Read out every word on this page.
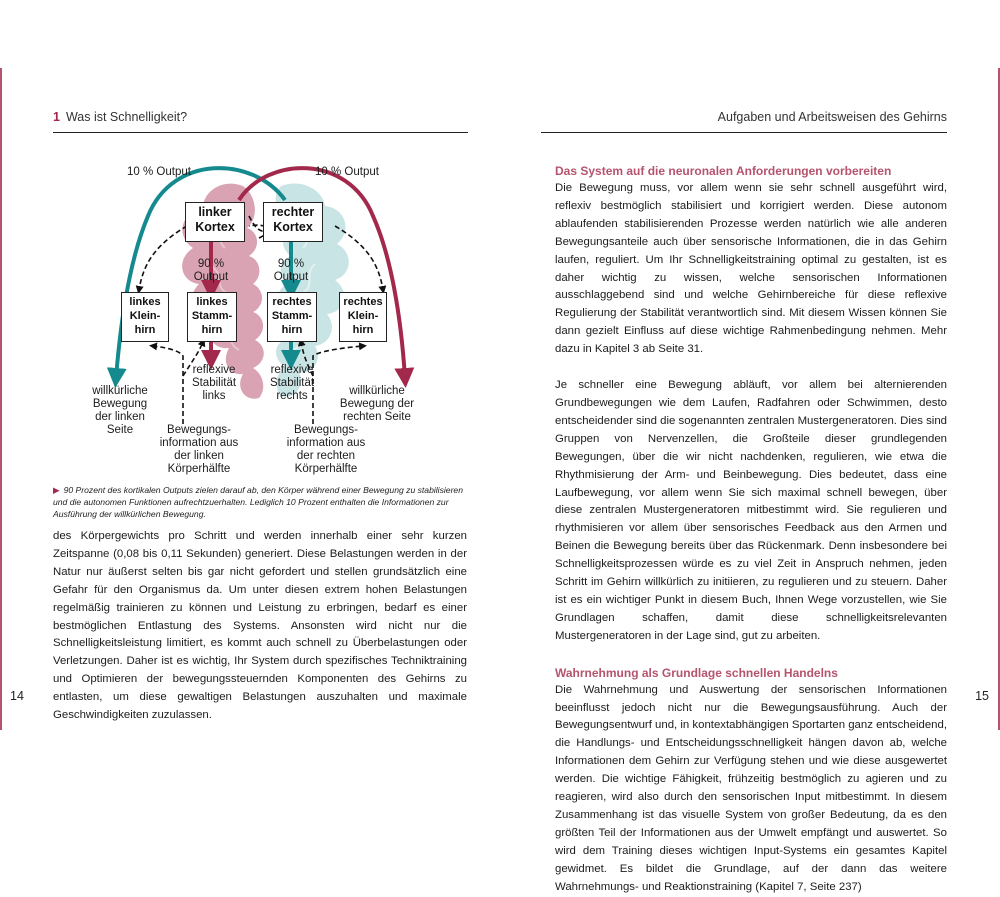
1 Was ist Schnelligkeit?
10 % Output	10 % Output
linker Kortex
rechter Kortex
90 % Output
90 % Output
linkes Klein-hirn
linkes Stamm-hirn
rechtes Stamm-hirn
rechtes Klein-hirn
reflexive Stabilität links
reflexive Stabilität rechts
willkürliche Bewegung der linken Seite
willkürliche Bewegung der rechten Seite
Bewegungs-information aus der linken Körperhälfte
Bewegungs-information aus der rechten Körperhälfte
▶ 90 Prozent des kortikalen Outputs zielen darauf ab, den Körper während einer Bewegung zu stabilisieren und die autonomen Funktionen aufrechtzuerhalten. Lediglich 10 Prozent enthalten die Informationen zur Ausführung der willkürlichen Bewegung.

des Körpergewichts pro Schritt und werden innerhalb einer sehr kurzen Zeitspanne (0,08 bis 0,11 Sekunden) generiert. Diese Belastungen werden in der Natur nur äußerst selten bis gar nicht gefordert und stellen grundsätzlich eine Gefahr für den Organismus da. Um unter diesen extrem hohen Belastungen regelmäßig trainieren zu können und Leistung zu erbringen, bedarf es einer bestmöglichen Entlastung des Systems. Ansonsten wird nicht nur die Schnelligkeitsleistung limitiert, es kommt auch schnell zu Überbelastungen oder Verletzungen. Daher ist es wichtig, Ihr System durch spezifisches Techniktraining und Optimieren der bewegungssteuernden Komponenten des Gehirns zu entlasten, um diese gewaltigen Belastungen auszuhalten und maximale Geschwindigkeiten zuzulassen.

14
Aufgaben und Arbeitsweisen des Gehirns

Das System auf die neuronalen Anforderungen vorbereiten

Die Bewegung muss, vor allem wenn sie sehr schnell ausgeführt wird, reflexiv bestmöglich stabilisiert und korrigiert werden. Diese autonom ablaufenden stabilisierenden Prozesse werden natürlich wie alle anderen Bewegungsanteile auch über sensorische Informationen, die in das Gehirn laufen, reguliert. Um Ihr Schnelligkeitstraining optimal zu gestalten, ist es daher wichtig zu wissen, welche sensorischen Informationen ausschlaggebend sind und welche Gehirnbereiche für diese reflexive Regulierung der Stabilität verantwortlich sind. Mit diesem Wissen können Sie dann gezielt Einfluss auf diese wichtige Rahmenbedingung nehmen. Mehr dazu in Kapitel 3 ab Seite 31.

Je schneller eine Bewegung abläuft, vor allem bei alternierenden Grundbewegungen wie dem Laufen, Radfahren oder Schwimmen, desto entscheidender sind die sogenannten zentralen Mustergeneratoren. Dies sind Gruppen von Nervenzellen, die Großteile dieser grundlegenden Bewegungen, über die wir nicht nachdenken, regulieren, wie etwa die Rhythmisierung der Arm- und Beinbewegung. Dies bedeutet, dass eine Laufbewegung, vor allem wenn Sie sich maximal schnell bewegen, über diese zentralen Mustergeneratoren mitbestimmt wird. Sie regulieren und rhythmisieren vor allem über sensorisches Feedback aus den Armen und Beinen die Bewegung bereits über das Rückenmark. Denn insbesondere bei Schnelligkeitsprozessen würde es zu viel Zeit in Anspruch nehmen, jeden Schritt im Gehirn willkürlich zu initiieren, zu regulieren und zu steuern. Daher ist es ein wichtiger Punkt in diesem Buch, Ihnen Wege vorzustellen, wie Sie Grundlagen schaffen, damit diese schnelligkeitsrelevanten Mustergeneratoren in der Lage sind, gut zu arbeiten.

Wahrnehmung als Grundlage schnellen Handelns

Die Wahrnehmung und Auswertung der sensorischen Informationen beeinflusst jedoch nicht nur die Bewegungsausführung. Auch der Bewegungsentwurf und, in kontextabhängigen Sportarten ganz entscheidend, die Handlungs- und Entscheidungsschnelligkeit hängen davon ab, welche Informationen dem Gehirn zur Verfügung stehen und wie diese ausgewertet werden. Die wichtige Fähigkeit, frühzeitig bestmöglich zu agieren und zu reagieren, wird also durch den sensorischen Input mitbestimmt. In diesem Zusammenhang ist das visuelle System von großer Bedeutung, da es den größten Teil der Informationen aus der Umwelt empfängt und auswertet. So wird dem Training dieses wichtigen Input-Systems ein gesamtes Kapitel gewidmet. Es bildet die Grundlage, auf der dann das weitere Wahrnehmungs- und Reaktionstraining (Kapitel 7, Seite 237)

15
